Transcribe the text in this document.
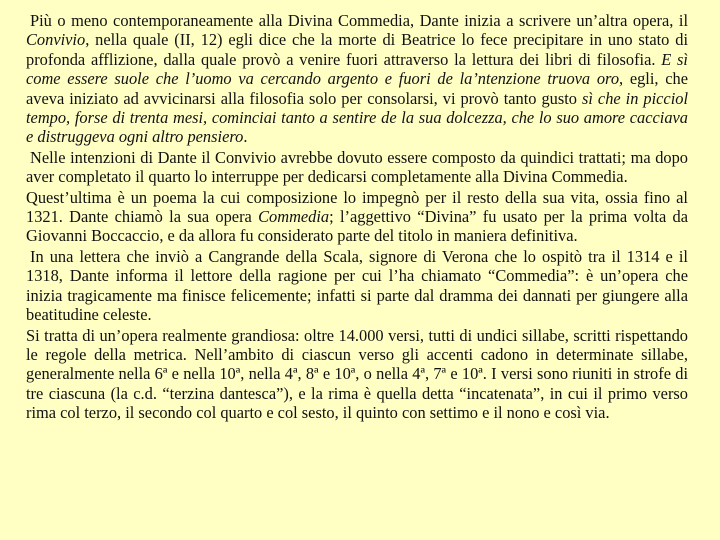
Più o meno contemporaneamente alla Divina Commedia, Dante inizia a scrivere un’altra opera, il Convivio, nella quale (II, 12) egli dice che la morte di Beatrice lo fece precipitare in uno stato di profonda afflizione, dalla quale provò a venire fuori attraverso la lettura dei libri di filosofia. E sì come essere suole che l’uomo va cercando argento e fuori de la’ntenzione truova oro, egli, che aveva iniziato ad avvicinarsi alla filosofia solo per consolarsi, vi provò tanto gusto sì che in picciol tempo, forse di trenta mesi, cominciai tanto a sentire de la sua dolcezza, che lo suo amore cacciava e distruggeva ogni altro pensiero.

Nelle intenzioni di Dante il Convivio avrebbe dovuto essere composto da quindici trattati; ma dopo aver completato il quarto lo interruppe per dedicarsi completamente alla Divina Commedia.

Quest’ultima è un poema la cui composizione lo impegnò per il resto della sua vita, ossia fino al 1321. Dante chiamò la sua opera Commedia; l’aggettivo “Divina” fu usato per la prima volta da Giovanni Boccaccio, e da allora fu considerato parte del titolo in maniera definitiva.

In una lettera che inviò a Cangrande della Scala, signore di Verona che lo ospitò tra il 1314 e il 1318, Dante informa il lettore della ragione per cui l’ha chiamato “Commedia”: è un’opera che inizia tragicamente ma finisce felicemente; infatti si parte dal dramma dei dannati per giungere alla beatitudine celeste.

Si tratta di un’opera realmente grandiosa: oltre 14.000 versi, tutti di undici sillabe, scritti rispettando le regole della metrica. Nell’ambito di ciascun verso gli accenti cadono in determinate sillabe, generalmente nella 6ª e nella 10ª, nella 4ª, 8ª e 10ª, o nella 4ª, 7ª e 10ª. I versi sono riuniti in strofe di tre ciascuna (la c.d. “terzina dantesca”), e la rima è quella detta “incatenata”, in cui il primo verso rima col terzo, il secondo col quarto e col sesto, il quinto con settimo e il nono e così via.
